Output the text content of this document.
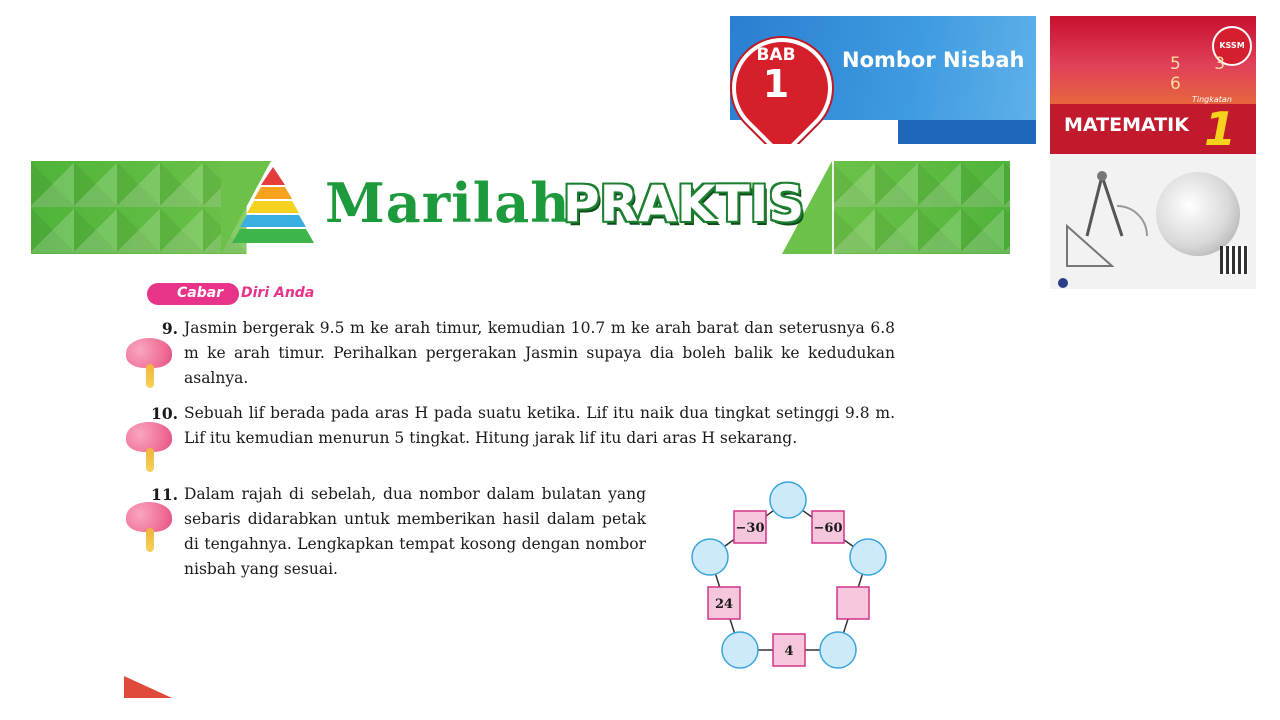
BAB
1
Nombor Nisbah
KSSM
5 3 6
Tingkatan
MATEMATIK 1
Marilah
PRAKTIS
Cabar Diri Anda
9. Jasmin bergerak 9.5 m ke arah timur, kemudian 10.7 m ke arah barat dan seterusnya 6.8 m ke arah timur. Perihalkan pergerakan Jasmin supaya dia boleh balik ke kedudukan asalnya.
10. Sebuah lif berada pada aras H pada suatu ketika. Lif itu naik dua tingkat setinggi 9.8 m. Lif itu kemudian menurun 5 tingkat. Hitung jarak lif itu dari aras H sekarang.
11. Dalam rajah di sebelah, dua nombor dalam bulatan yang sebaris didarabkan untuk memberikan hasil dalam petak di tengahnya. Lengkapkan tempat kosong dengan nombor nisbah yang sesuai.
−30	−60
24
4
